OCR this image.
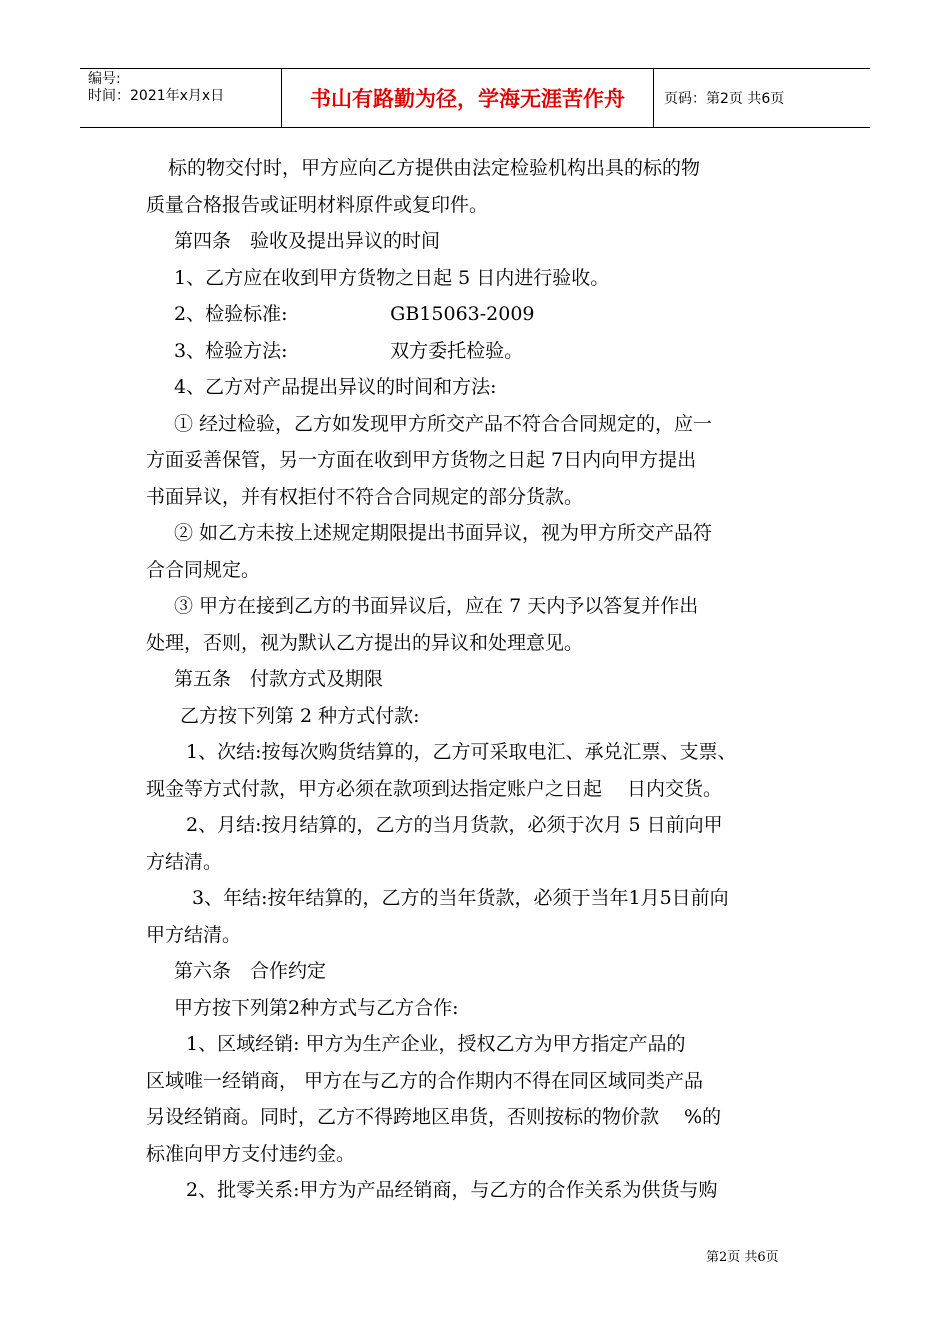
编号:
时间：2021年x月x日	书山有路勤为径，学海无涯苦作舟	页码：第2页 共6页
标的物交付时，甲方应向乙方提供由法定检验机构出具的标的物
质量合格报告或证明材料原件或复印件。
第四条　验收及提出异议的时间
1、乙方应在收到甲方货物之日起 5 日内进行验收。
2、检验标准:                 GB15063-2009
3、检验方法:                 双方委托检验。
4、乙方对产品提出异议的时间和方法:
① 经过检验，乙方如发现甲方所交产品不符合合同规定的，应一
方面妥善保管，另一方面在收到甲方货物之日起 7日内向甲方提出
书面异议，并有权拒付不符合合同规定的部分货款。
② 如乙方未按上述规定期限提出书面异议，视为甲方所交产品符
合合同规定。
③ 甲方在接到乙方的书面异议后，应在 7 天内予以答复并作出
处理，否则，视为默认乙方提出的异议和处理意见。
第五条　付款方式及期限
乙方按下列第 2 种方式付款:
1、次结:按每次购货结算的，乙方可采取电汇、承兑汇票、支票、
现金等方式付款，甲方必须在款项到达指定账户之日起　 日内交货。
2、月结:按月结算的，乙方的当月货款，必须于次月 5 日前向甲
方结清。
3、年结:按年结算的，乙方的当年货款，必须于当年1月5日前向
甲方结清。
第六条　合作约定
甲方按下列第2种方式与乙方合作:
1、区域经销: 甲方为生产企业，授权乙方为甲方指定产品的
区域唯一经销商， 甲方在与乙方的合作期内不得在同区域同类产品
另设经销商。同时，乙方不得跨地区串货，否则按标的物价款　 %的
标准向甲方支付违约金。
2、批零关系:甲方为产品经销商，与乙方的合作关系为供货与购
第2页 共6页
